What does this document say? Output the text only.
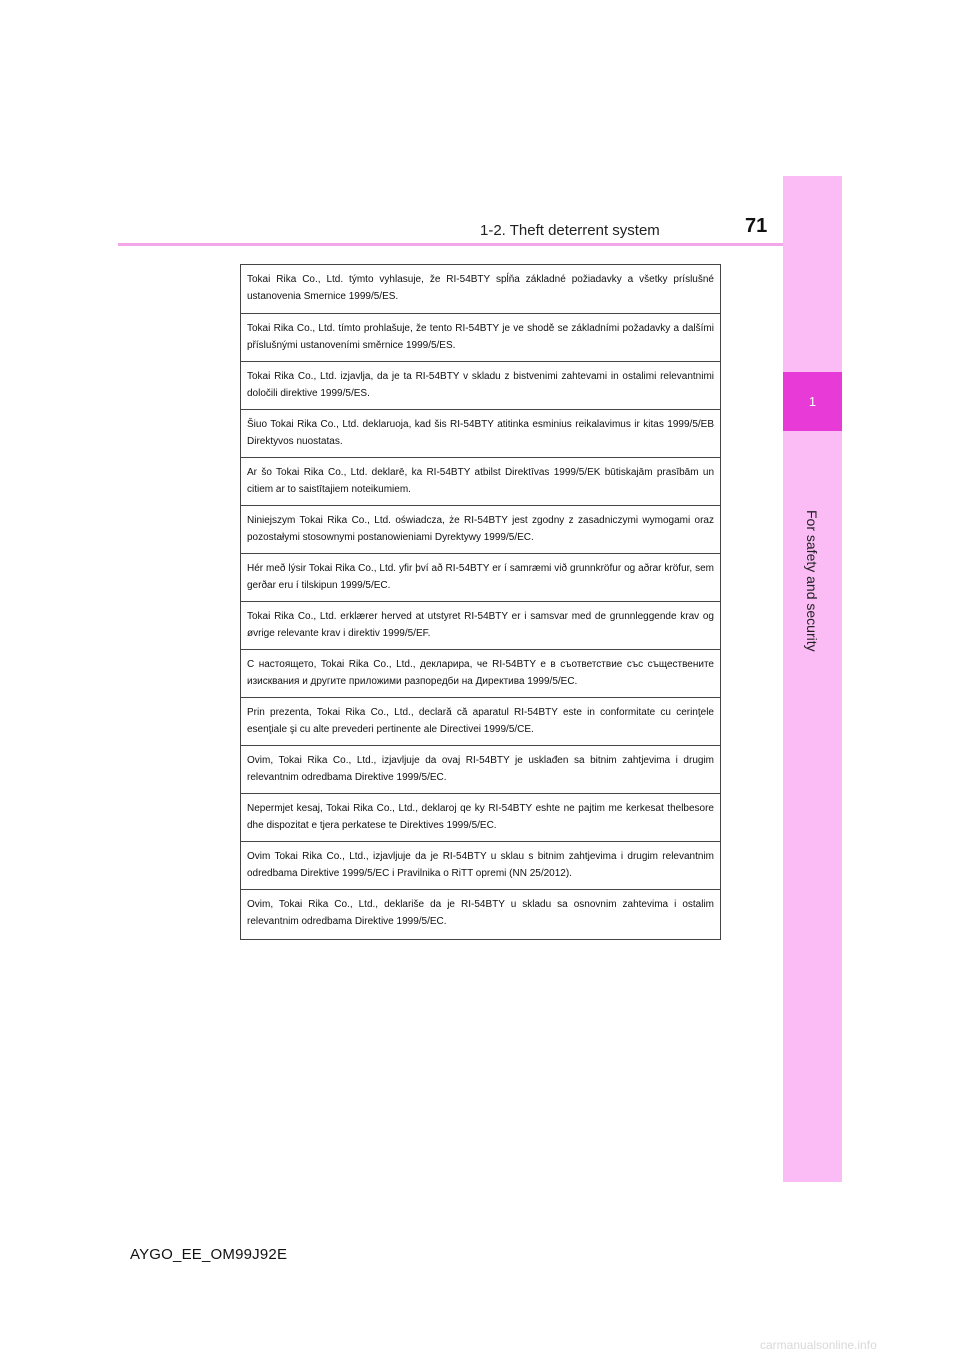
1
For safety and security
1-2. Theft deterrent system	71
Tokai Rika Co., Ltd. týmto vyhlasuje, že RI-54BTY spĺňa základné požiadavky a všetky príslušné ustanovenia Smernice 1999/5/ES.
Tokai Rika Co., Ltd. tímto prohlašuje, že tento RI-54BTY je ve shodě se základními požadavky a dalšími příslušnými ustanoveními směrnice 1999/5/ES.
Tokai Rika Co., Ltd. izjavlja, da je ta RI-54BTY v skladu z bistvenimi zahtevami in ostalimi relevantnimi določili direktive 1999/5/ES.
Šiuo Tokai Rika Co., Ltd. deklaruoja, kad šis RI-54BTY atitinka esminius reikalavimus ir kitas 1999/5/EB Direktyvos nuostatas.
Ar šo Tokai Rika Co., Ltd. deklarē, ka RI-54BTY atbilst Direktīvas 1999/5/EK būtiskajām prasībām un citiem ar to saistītajiem noteikumiem.
Niniejszym Tokai Rika Co., Ltd. oświadcza, że RI-54BTY jest zgodny z zasadniczymi wymogami oraz pozostałymi stosownymi postanowieniami Dyrektywy 1999/5/EC.
Hér með lýsir Tokai Rika Co., Ltd. yfir því að RI-54BTY er í samræmi við grunnkröfur og aðrar kröfur, sem gerðar eru í tilskipun 1999/5/EC.
Tokai Rika Co., Ltd. erklærer herved at utstyret RI-54BTY er i samsvar med de grunnleggende krav og øvrige relevante krav i direktiv 1999/5/EF.
С настоящето, Tokai Rika Co., Ltd., декларира, че RI-54BTY е в съответствие със съществените изисквания и другите приложими разпоредби на Директива 1999/5/ЕС.
Prin prezenta, Tokai Rika Co., Ltd., declară că aparatul RI-54BTY este in conformitate cu cerinţele esenţiale şi cu alte prevederi pertinente ale Directivei 1999/5/CE.
Ovim, Tokai Rika Co., Ltd., izjavljuje da ovaj RI-54BTY je usklađen sa bitnim zahtjevima i drugim relevantnim odredbama Direktive 1999/5/EC.
Nepermjet kesaj, Tokai Rika Co., Ltd., deklaroj qe ky RI-54BTY eshte ne pajtim me kerkesat thelbesore dhe dispozitat e tjera perkatese te Direktives 1999/5/EC.
Ovim Tokai Rika Co., Ltd., izjavljuje da je RI-54BTY u sklau s bitnim zahtjevima i drugim relevantnim odredbama Direktive 1999/5/EC i Pravilnika o RiTT opremi (NN 25/2012).
Ovim, Tokai Rika Co., Ltd., deklariše da je RI-54BTY u skladu sa osnovnim zahtevima i ostalim relevantnim odredbama Direktive 1999/5/EC.
AYGO_EE_OM99J92E
carmanualsonline.info
